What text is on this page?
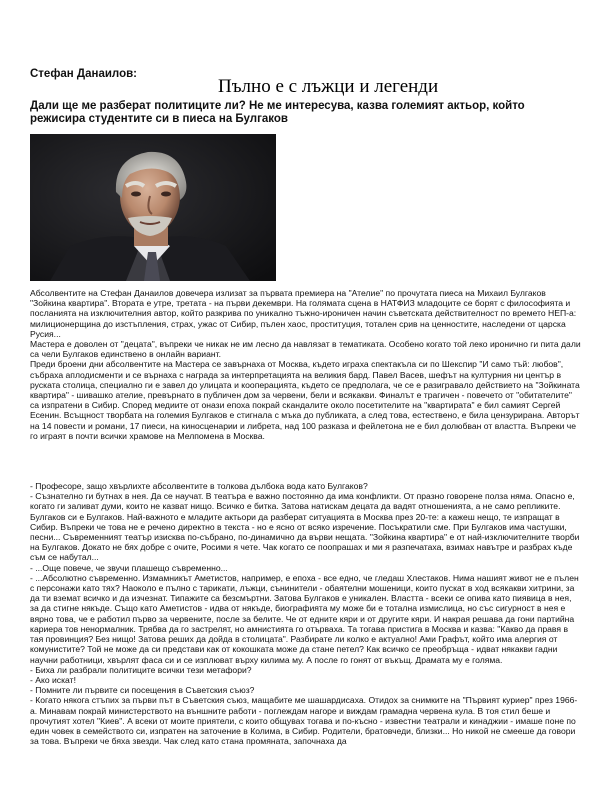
Стефан Данаилов:

Пълно е с лъжци и легенди

Дали ще ме разберат политиците ли? Не ме интересува, казва големият актьор, който режисира студентите си в пиеса на Булгаков

Абсолвентите на Стефан Данаилов довечера излизат за първата премиера на "Ателие" по прочутата пиеса на Михаил Булгаков "Зойкина квартира". Втората е утре, третата - на първи декември. На голямата сцена в НАТФИЗ младоците се борят с философията и посланията на изключителния автор, който разкрива по уникално тъжно-ироничен начин съветската действителност по времето НЕП-а: милиционерщина до изстъпления, страх, ужас от Сибир, пълен хаос, проституция, тотален срив на ценностите, наследени от царска Русия...

Мастера е доволен от "децата", въпреки че никак не им лесно да навлязат в тематиката. Особено когато той леко иронично ги пита дали са чели Булгаков единствено в онлайн вариант.

Преди броени дни абсолвентите на Мастера се завърнаха от Москва, където играха спектакъла си по Шекспир "И само тъй: любов", събраха аплодисменти и се върнаха с награда за интерпретацията на великия бард. Павел Васев, шефът на културния ни център в руската столица, специално ги е завел до улицата и кооперацията, където се предполага, че се е разигравало действието на "Зойкината квартира" - шивашко ателие, превърнато в публичен дом за червени, бели и всякакви. Финалът е трагичен - повечето от "обитателите" са изпратени в Сибир. Според медиите от онази епоха покрай скандалите около посетителите на "квартирата" е бил самият Сергей Есенин. Всъщност творбата на големия Булгаков е стигнала с мъка до публиката, а след това, естествено, е била цензурирана. Авторът на 14 повести и романи, 17 пиеси, на киносценарии и либрета, над 100 разказа и фейлетона не е бил долюбван от властта. Въпреки че го играят в почти всички храмове на Мелпомена в Москва.

- Професоре, защо хвърлихте абсолвентите в толкова дълбока вода като Булгаков?

- Съзнателно ги бутнах в нея. Да се научат. В театъра е важно постоянно да има конфликти. От празно говорене полза няма. Опасно е, когато ги заливат думи, които не казват нищо. Всичко е битка. Затова натискам децата да вадят отношенията, а не само репликите. Булгаков си е Булгаков. Най-важното е младите актьори да разберат ситуацията в Москва през 20-те: а кажеш нещо, те изпращат в Сибир. Въпреки че това не е речено директно в текста - но е ясно от всяко изречение. Посъкратили сме. При Булгаков има частушки, песни... Съвременният театър изисква по-събрано, по-динамично да върви нещата. "Зойкина квартира" е от най-изключителните творби на Булгаков. Докато не бях добре с очите, Росими я чете. Чак когато се поопрашах и ми я разпечатаха, взимах навътре и разбрах къде съм се набутал...

- ...Още повече, че звучи плашещо съвременно...

- ...Абсолютно съвременно. Измамникът Аметистов, например, е епоха - все едно, че гледаш Хлестаков. Нима нашият живот не е пълен с персонажи като тях? Наоколо е пълно с тарикати, лъжци, сънинители - обаятелни мошеници, които пускат в ход всякакви хитрини, за да ти вземат всичко и да изчезнат. Типажите са безсмъртни. Затова Булгаков е уникален. Властта - всеки се опива като пиявица в нея, за да стигне някъде. Също като Аметистов - идва от някъде, биографията му може би е тотална измислица, но със сигурност в нея е вярно това, че е работил първо за червените, после за белите. Че от едните кяри и от другите кяри. И накрая решава да гони партийна кариера тов ненормалник. Трябва да го застрелят, но амнистията го отърваха. Та тогава пристига в Москва и казва: "Какво да правя в тая провинция? Без нищо! Затова реших да дойда в столицата". Разбирате ли колко е актуално! Ами Графът, който има алергия от комунистите? Той не може да си представи как от кокошката може да стане петел? Как всичко се преобръща - идват някакви гадни научни работници, хвърлят фаса си и се изплюват върху килима му. А после го гонят от въкъщ. Драмата му е голяма.

- Биха ли разбрали политиците всички тези метафори?

- Ако искат!

- Помните ли първите си посещения в Съветския съюз?

- Когато някога стъпих за първи път в Съветския съюз, мащабите ме шашардисаха. Отидох за снимките на "Първият куриер" през 1966-а. Минавам покрай министерството на външните работи - поглеждам нагоре и виждам грамадна червена кула. В тоя стил беше и прочутият хотел "Киев". А всеки от моите приятели, с които общувах тогава и по-късно - известни театрали и кинаджии - имаше поне по един човек в семейството си, изпратен на заточение в Колима, в Сибир. Родители, братовчеди, близки... Но никой не смееше да говори за това. Въпреки че бяха звезди. Чак след като стана промяната, започнаха да
